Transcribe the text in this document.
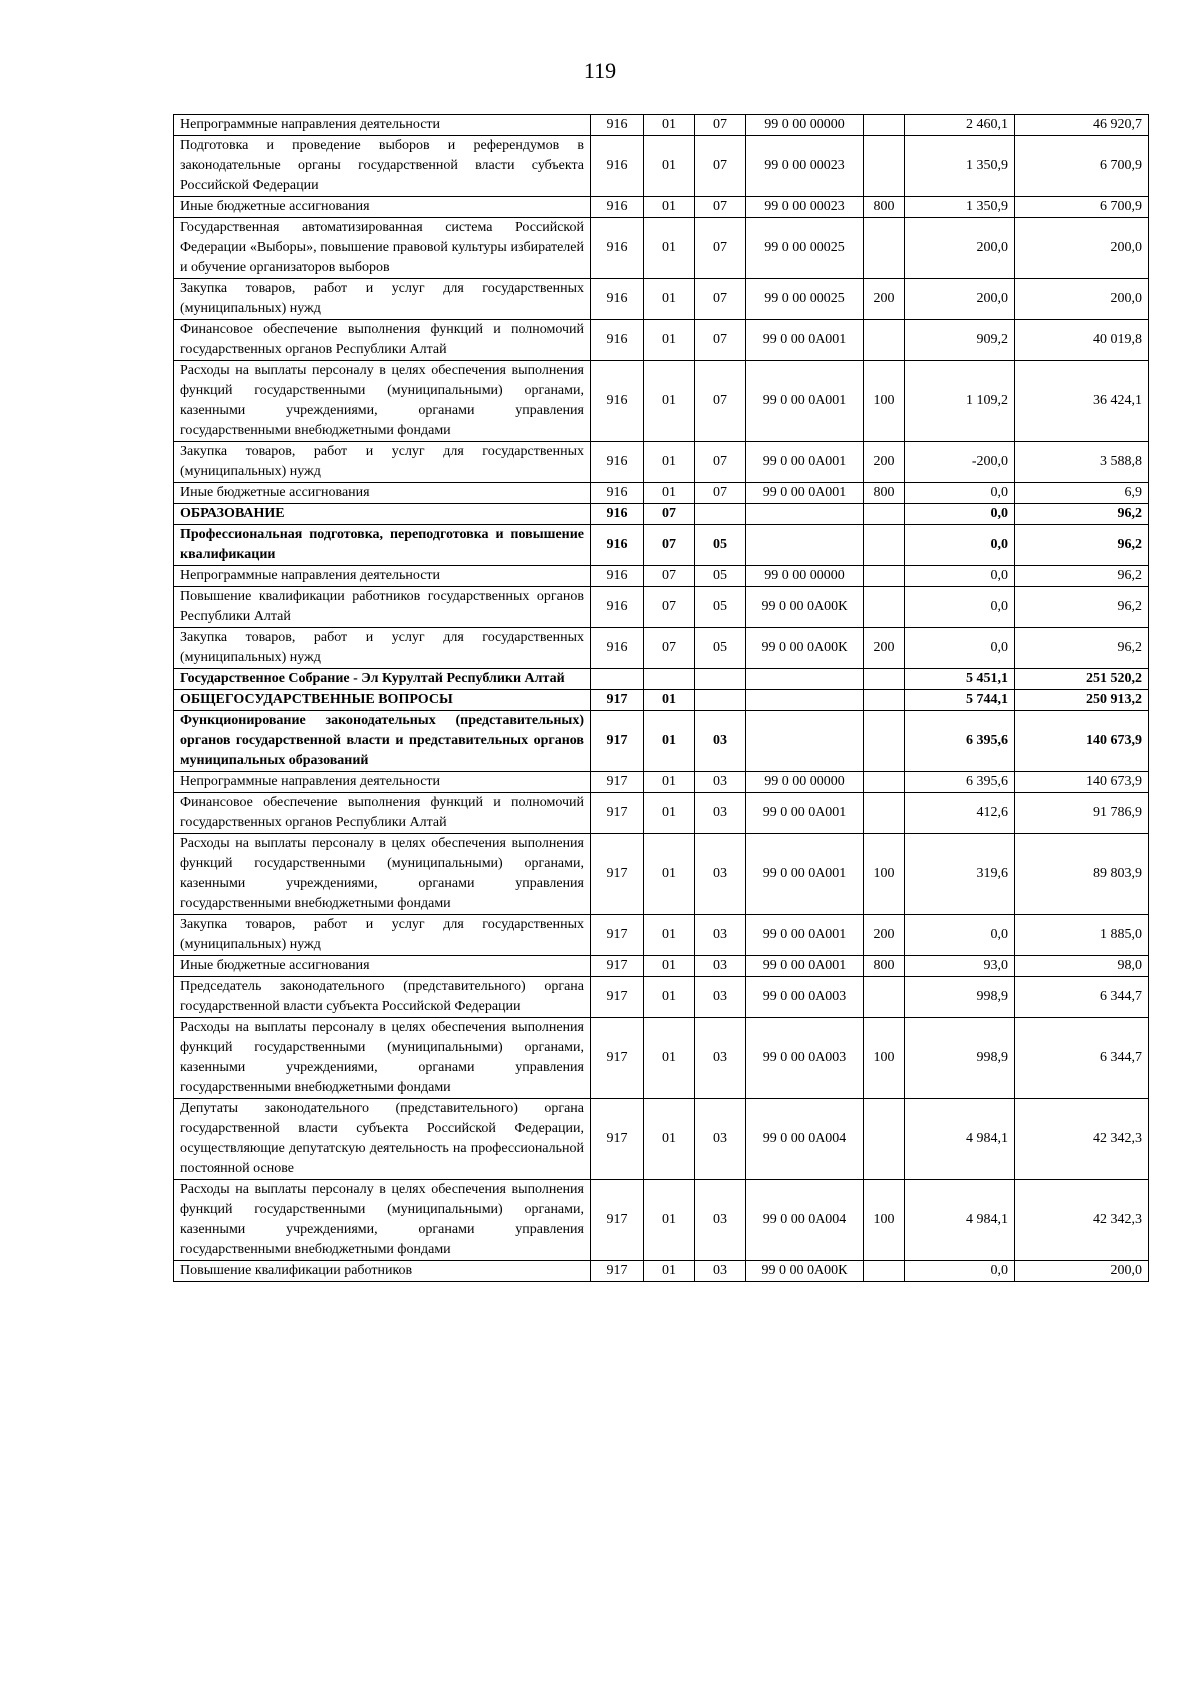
119
Непрограммные направления деятельности	916	01	07	99 0 00 00000		2 460,1	46 920,7
Подготовка и проведение выборов и референдумов в законодательные органы государственной власти субъекта Российской Федерации	916	01	07	99 0 00 00023		1 350,9	6 700,9
Иные бюджетные ассигнования	916	01	07	99 0 00 00023	800	1 350,9	6 700,9
Государственная автоматизированная система Российской Федерации «Выборы», повышение правовой культуры избирателей и обучение организаторов выборов	916	01	07	99 0 00 00025		200,0	200,0
Закупка товаров, работ и услуг для государственных (муниципальных) нужд	916	01	07	99 0 00 00025	200	200,0	200,0
Финансовое обеспечение выполнения функций и полномочий государственных органов Республики Алтай	916	01	07	99 0 00 0А001		909,2	40 019,8
Расходы на выплаты персоналу в целях обеспечения выполнения функций государственными (муниципальными) органами, казенными учреждениями, органами управления государственными внебюджетными фондами	916	01	07	99 0 00 0А001	100	1 109,2	36 424,1
Закупка товаров, работ и услуг для государственных (муниципальных) нужд	916	01	07	99 0 00 0А001	200	-200,0	3 588,8
Иные бюджетные ассигнования	916	01	07	99 0 00 0А001	800	0,0	6,9
ОБРАЗОВАНИЕ	916	07				0,0	96,2
Профессиональная подготовка, переподготовка и повышение квалификации	916	07	05			0,0	96,2
Непрограммные направления деятельности	916	07	05	99 0 00 00000		0,0	96,2
Повышение квалификации работников государственных органов Республики Алтай	916	07	05	99 0 00 0А00К		0,0	96,2
Закупка товаров, работ и услуг для государственных (муниципальных) нужд	916	07	05	99 0 00 0А00К	200	0,0	96,2
Государственное Собрание - Эл Курултай Республики Алтай						5 451,1	251 520,2
ОБЩЕГОСУДАРСТВЕННЫЕ ВОПРОСЫ	917	01				5 744,1	250 913,2
Функционирование законодательных (представительных) органов государственной власти и представительных органов муниципальных образований	917	01	03			6 395,6	140 673,9
Непрограммные направления деятельности	917	01	03	99 0 00 00000		6 395,6	140 673,9
Финансовое обеспечение выполнения функций и полномочий государственных органов Республики Алтай	917	01	03	99 0 00 0А001		412,6	91 786,9
Расходы на выплаты персоналу в целях обеспечения выполнения функций государственными (муниципальными) органами, казенными учреждениями, органами управления государственными внебюджетными фондами	917	01	03	99 0 00 0А001	100	319,6	89 803,9
Закупка товаров, работ и услуг для государственных (муниципальных) нужд	917	01	03	99 0 00 0А001	200	0,0	1 885,0
Иные бюджетные ассигнования	917	01	03	99 0 00 0А001	800	93,0	98,0
Председатель законодательного (представительного) органа государственной власти субъекта Российской Федерации	917	01	03	99 0 00 0А003		998,9	6 344,7
Расходы на выплаты персоналу в целях обеспечения выполнения функций государственными (муниципальными) органами, казенными учреждениями, органами управления государственными внебюджетными фондами	917	01	03	99 0 00 0А003	100	998,9	6 344,7
Депутаты законодательного (представительного) органа государственной власти субъекта Российской Федерации, осуществляющие депутатскую деятельность на профессиональной постоянной основе	917	01	03	99 0 00 0А004		4 984,1	42 342,3
Расходы на выплаты персоналу в целях обеспечения выполнения функций государственными (муниципальными) органами, казенными учреждениями, органами управления государственными внебюджетными фондами	917	01	03	99 0 00 0А004	100	4 984,1	42 342,3
Повышение квалификации работников	917	01	03	99 0 00 0А00К		0,0	200,0
